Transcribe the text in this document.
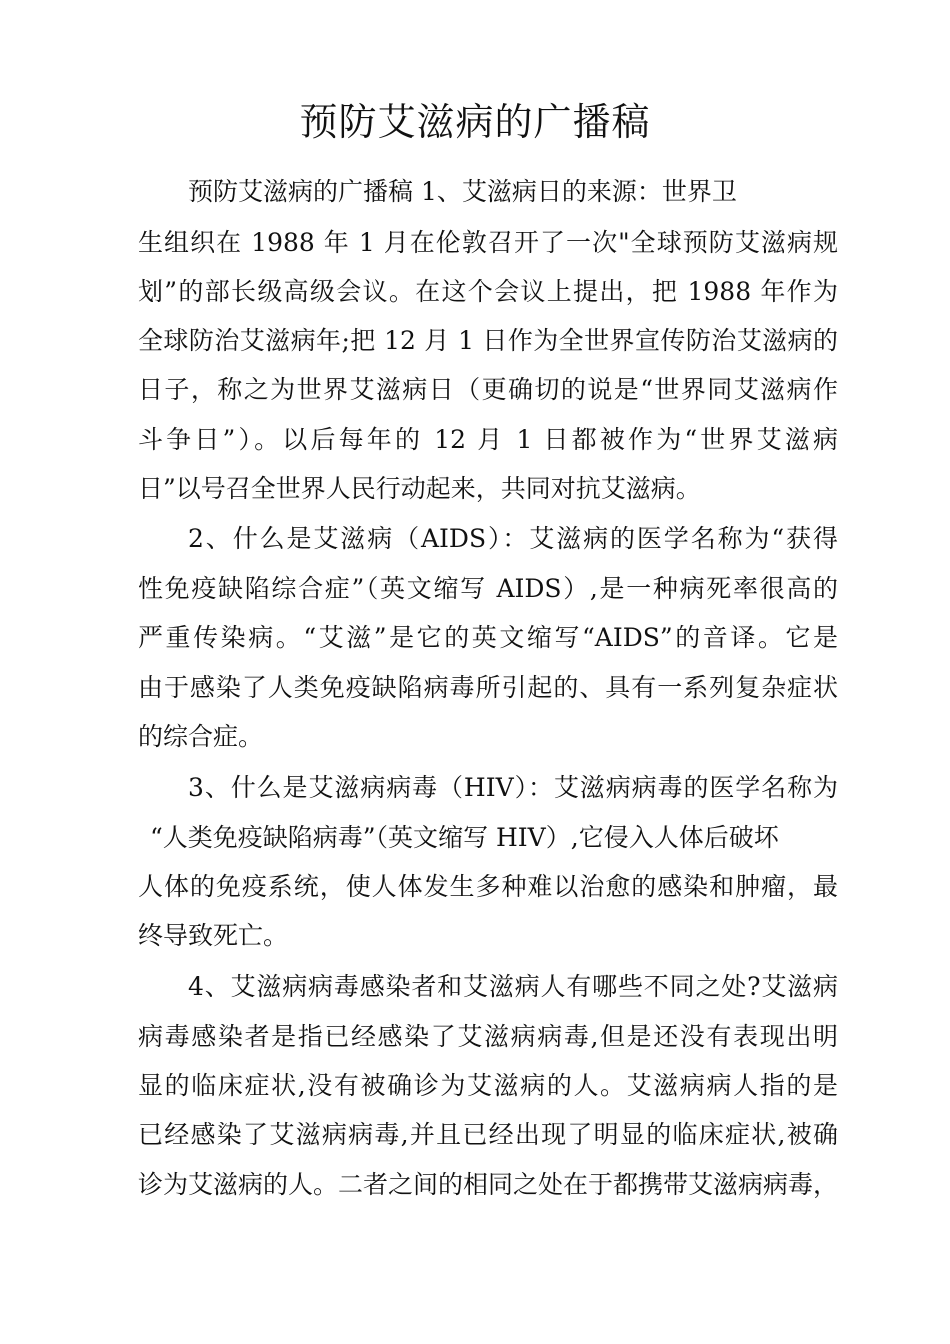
预防艾滋病的广播稿
预防艾滋病的广播稿 1、艾滋病日的来源：世界卫
生组织在 1988 年 1 月在伦敦召开了一次"全球预防艾滋病规
划”的部长级高级会议。在这个会议上提出，把 1988 年作为
全球防治艾滋病年;把 12 月 1 日作为全世界宣传防治艾滋病的
日子，称之为世界艾滋病日（更确切的说是“世界同艾滋病作
斗争日”）。以后每年的 12 月 1 日都被作为“世界艾滋病
日”以号召全世界人民行动起来，共同对抗艾滋病。
2、什么是艾滋病（AIDS）：艾滋病的医学名称为“获得
性免疫缺陷综合症”（英文缩写 AIDS）,是一种病死率很高的
严重传染病。“艾滋”是它的英文缩写“AIDS”的音译。它是
由于感染了人类免疫缺陷病毒所引起的、具有一系列复杂症状
的综合症。
3、什么是艾滋病病毒（HIV）：艾滋病病毒的医学名称为
“人类免疫缺陷病毒”（英文缩写 HIV）,它侵入人体后破坏
人体的免疫系统，使人体发生多种难以治愈的感染和肿瘤，最
终导致死亡。
4、艾滋病病毒感染者和艾滋病人有哪些不同之处?艾滋病
病毒感染者是指已经感染了艾滋病病毒,但是还没有表现出明
显的临床症状,没有被确诊为艾滋病的人。艾滋病病人指的是
已经感染了艾滋病病毒,并且已经出现了明显的临床症状,被确
诊为艾滋病的人。二者之间的相同之处在于都携带艾滋病病毒，
